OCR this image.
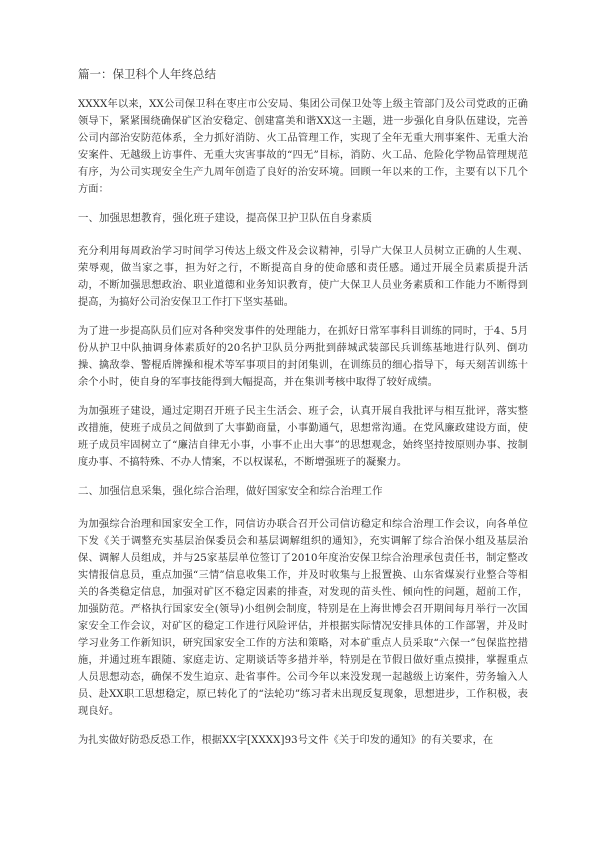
篇一：保卫科个人年终总结

XXXX年以来，XX公司保卫科在枣庄市公安局、集团公司保卫处等上级主管部门及公司党政的正确领导下，紧紧围绕确保矿区治安稳定、创建富美和谐XX这一主题，进一步强化自身队伍建设，完善公司内部治安防范体系，全力抓好消防、火工品管理工作，实现了全年无重大刑事案件、无重大治安案件、无越级上访事件、无重大灾害事故的“四无”目标，消防、火工品、危险化学物品管理规范有序，为公司实现安全生产九周年创造了良好的治安环境。回顾一年以来的工作，主要有以下几个方面：

一、加强思想教育，强化班子建设，提高保卫护卫队伍自身素质

充分利用每周政治学习时间学习传达上级文件及会议精神，引导广大保卫人员树立正确的人生观、荣辱观，做当家之事，担为好之行，不断提高自身的使命感和责任感。通过开展全员素质提升活动，不断加强思想政治、职业道德和业务知识教育，使广大保卫人员业务素质和工作能力不断得到提高，为搞好公司治安保卫工作打下坚实基础。

为了进一步提高队员们应对各种突发事件的处理能力，在抓好日常军事科目训练的同时，于4、5月份从护卫中队抽调身体素质好的20名护卫队员分两批到薛城武装部民兵训练基地进行队列、倒功操、擒敌拳、警棍盾牌操和棍术等军事项目的封闭集训，在训练员的细心指导下，每天刻苦训练十余个小时，使自身的军事技能得到大幅提高，并在集训考核中取得了较好成绩。

为加强班子建设，通过定期召开班子民主生活会、班子会，认真开展自我批评与相互批评，落实整改措施，使班子成员之间做到了大事勤商量，小事勤通气，思想常沟通。在党风廉政建设方面，使班子成员牢固树立了“廉洁自律无小事，小事不止出大事”的思想观念，始终坚持按原则办事、按制度办事、不搞特殊、不办人情案，不以权谋私，不断增强班子的凝聚力。

二、加强信息采集，强化综合治理，做好国家安全和综合治理工作

为加强综合治理和国家安全工作，同信访办联合召开公司信访稳定和综合治理工作会议，向各单位下发《关于调整充实基层治保委员会和基层调解组织的通知》，充实调解了综合治保小组及基层治保、调解人员组成，并与25家基层单位签订了2010年度治安保卫综合治理承包责任书，制定整改实情报信息员，重点加强“三情”信息收集工作，并及时收集与上报置换、山东省煤炭行业整合等相关的各类稳定信息，加强对矿区不稳定因素的排查，对发现的苗头性、倾向性的问题，超前工作，加强防范。严格执行国家安全(领导)小组例会制度，特别是在上海世博会召开期间每月举行一次国家安全工作会议，对矿区的稳定工作进行风险评估，并根据实际情况安排具体的工作部署，并及时学习业务工作新知识，研究国家安全工作的方法和策略，对本矿重点人员采取“六保一”包保监控措施，并通过班车跟随、家庭走访、定期谈话等多措并举，特别是在节假日做好重点摸排，掌握重点人员思想动态，确保不发生迫京、赴省事件。公司今年以来没发现一起越级上访案件，劳务输入人员、赴XX职工思想稳定，原已转化了的“法轮功”练习者未出现反复现象，思想进步，工作积极，表现良好。

为扎实做好防恐反恐工作，根据XX字[XXXX]93号文件《关于印发的通知》的有关要求，在
